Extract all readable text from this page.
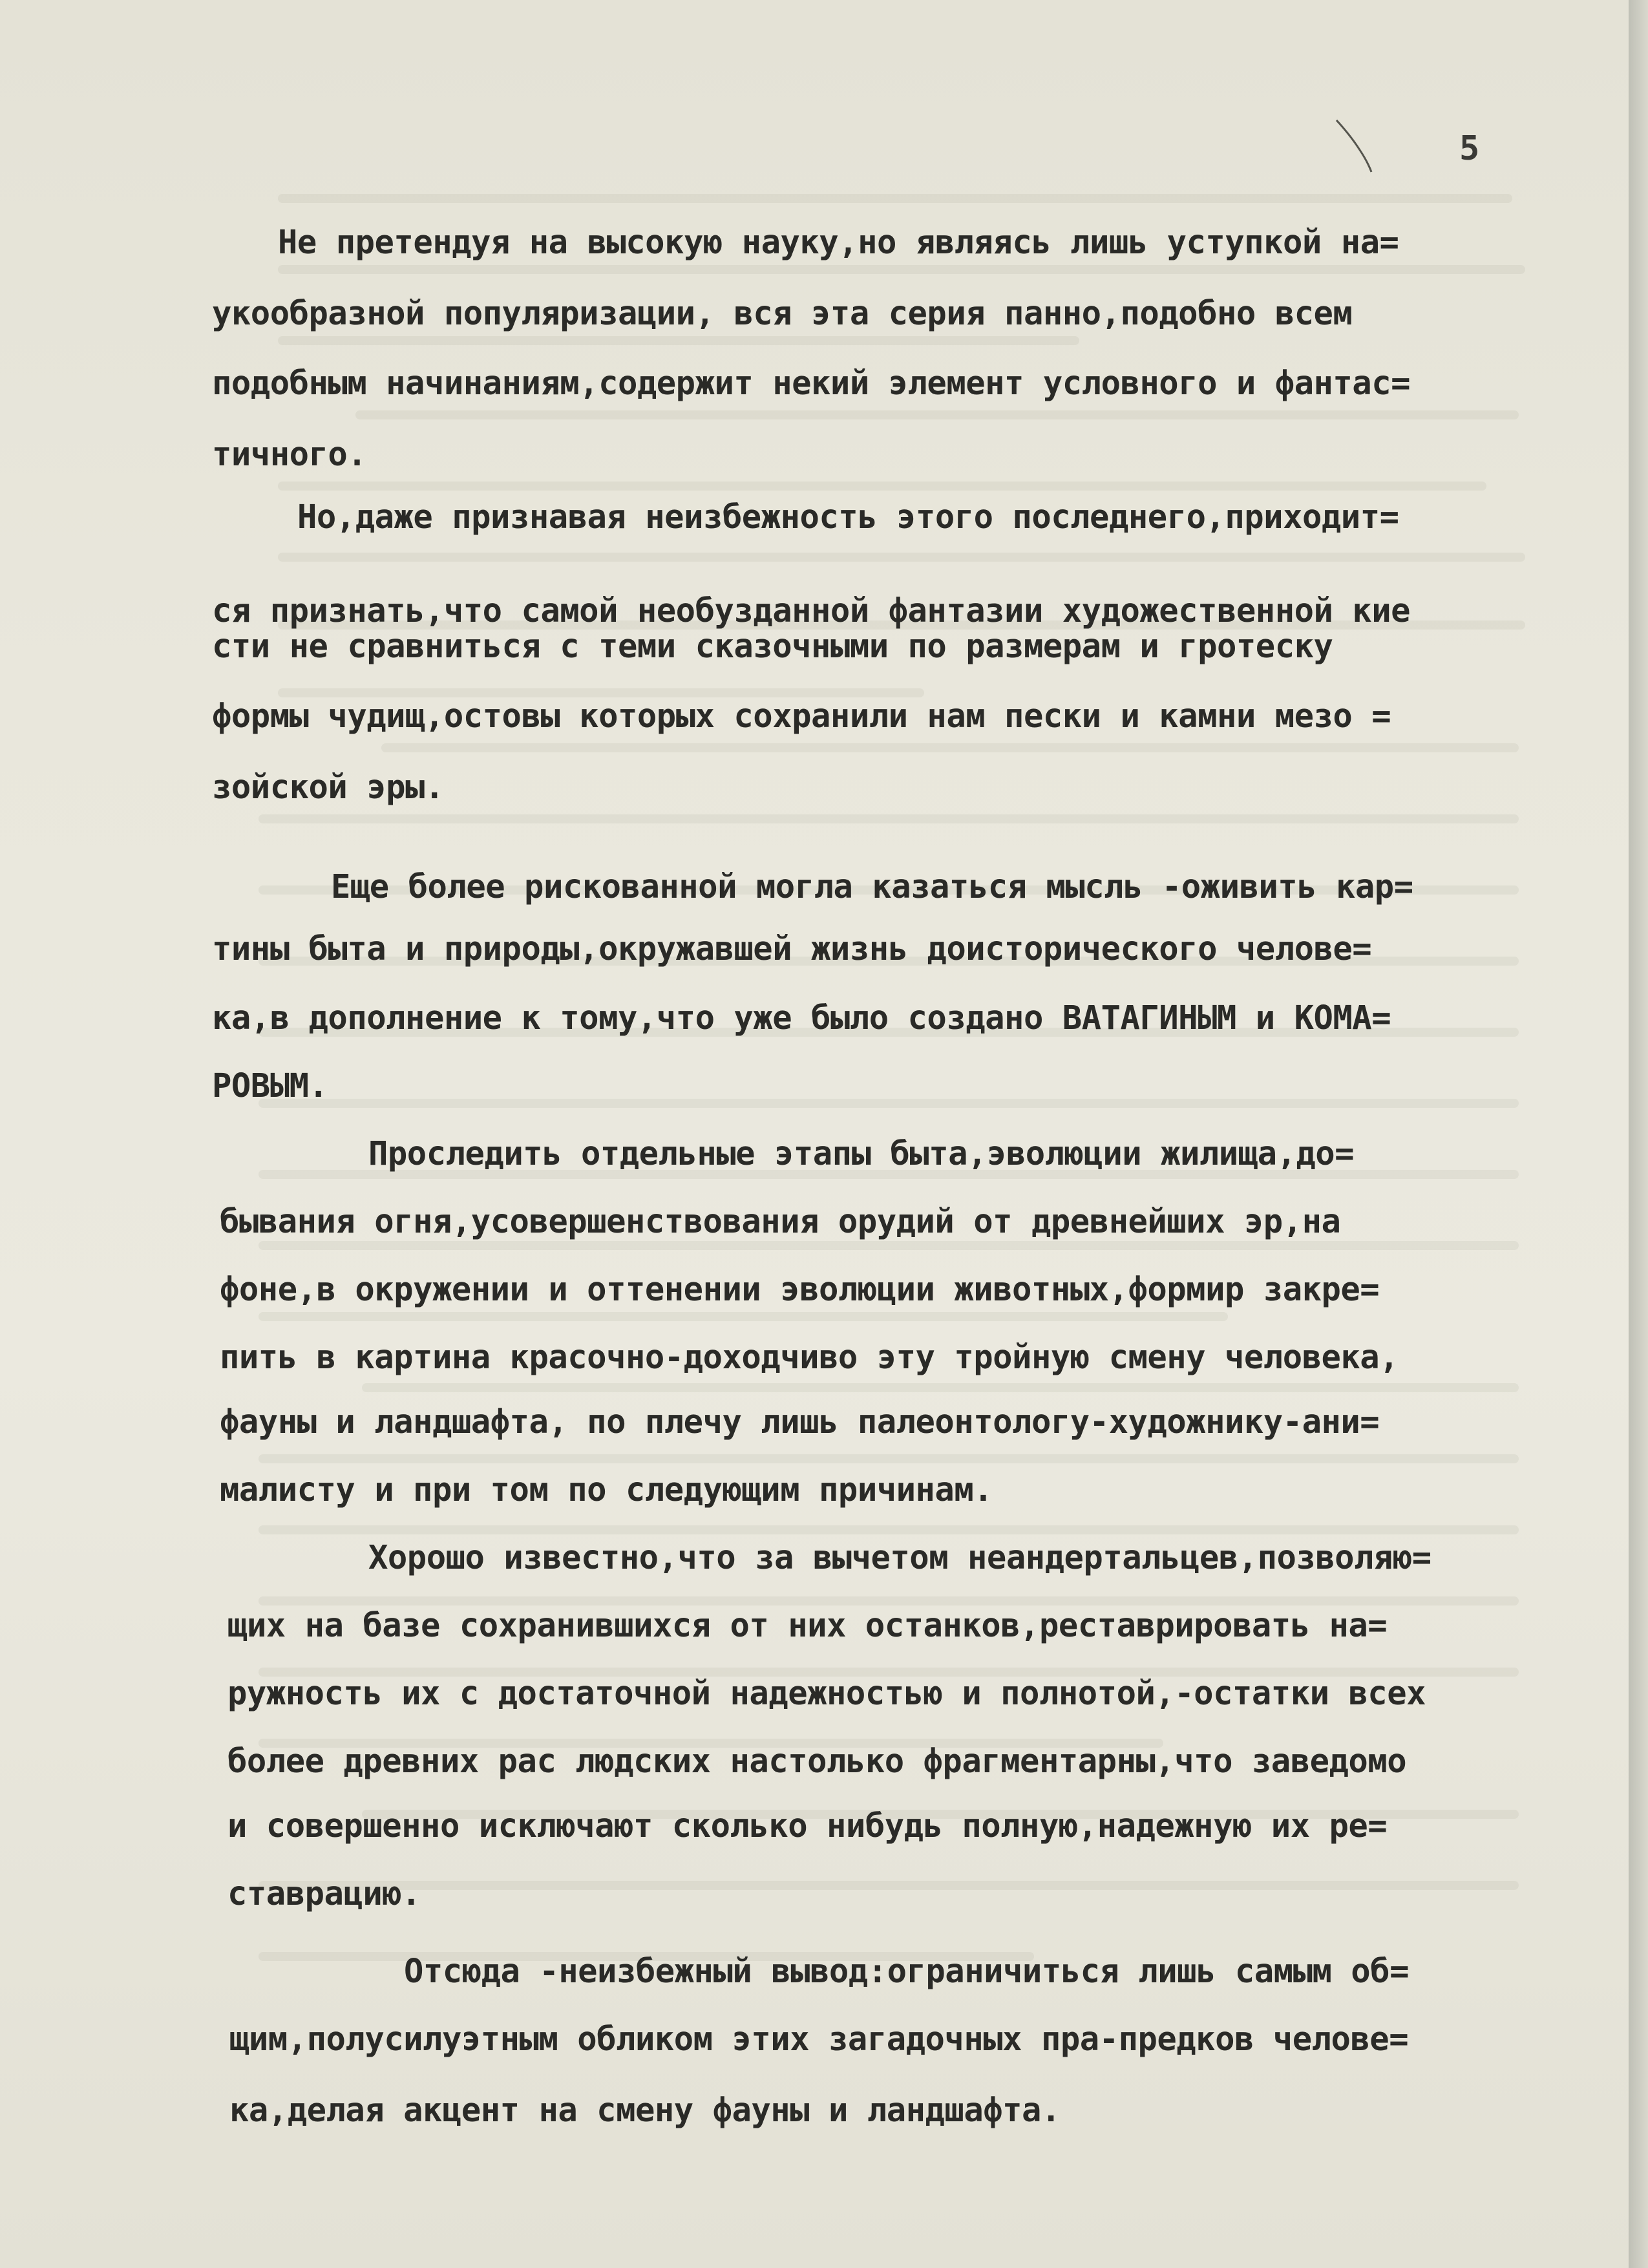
5
Не претендуя на высокую науку,но являясь лишь уступкой на=
укообразной популяризации, вся эта серия панно,подобно всем
подобным начинаниям,содержит некий элемент условного и фантас=
тичного.
Но,даже признавая неизбежность этого последнего,приходит=
ся признать,что самой необузданной фантазии художественной кие
сти не сравниться с теми сказочными по размерам и гротеску
формы чудищ,остовы которых сохранили нам пески и камни мезо =
зойской эры.
Еще более рискованной могла казаться мысль -оживить кар=
тины быта и природы,окружавшей жизнь доисторического челове=
ка,в дополнение к тому,что уже было создано ВАТАГИНЫМ и КОМА=
РОВЫМ.
Проследить отдельные этапы быта,эволюции жилища,до=
бывания огня,усовершенствования орудий от древнейших эр,на
фоне,в окружении и оттенении эволюции животных,формир закре=
пить в картина красочно-доходчиво эту тройную смену человека,
фауны и ландшафта, по плечу лишь палеонтологу-художнику-ани=
малисту и при том по следующим причинам.
Хорошо известно,что за вычетом неандертальцев,позволяю=
щих на базе сохранившихся от них останков,реставрировать на=
ружность их с достаточной надежностью и полнотой,-остатки всех
более древних рас людских настолько фрагментарны,что заведомо
и совершенно исключают сколько нибудь полную,надежную их ре=
ставрацию.
Отсюда -неизбежный вывод:ограничиться лишь самым об=
щим,полусилуэтным обликом этих загадочных пра-предков челове=
ка,делая акцент на смену фауны и ландшафта.
